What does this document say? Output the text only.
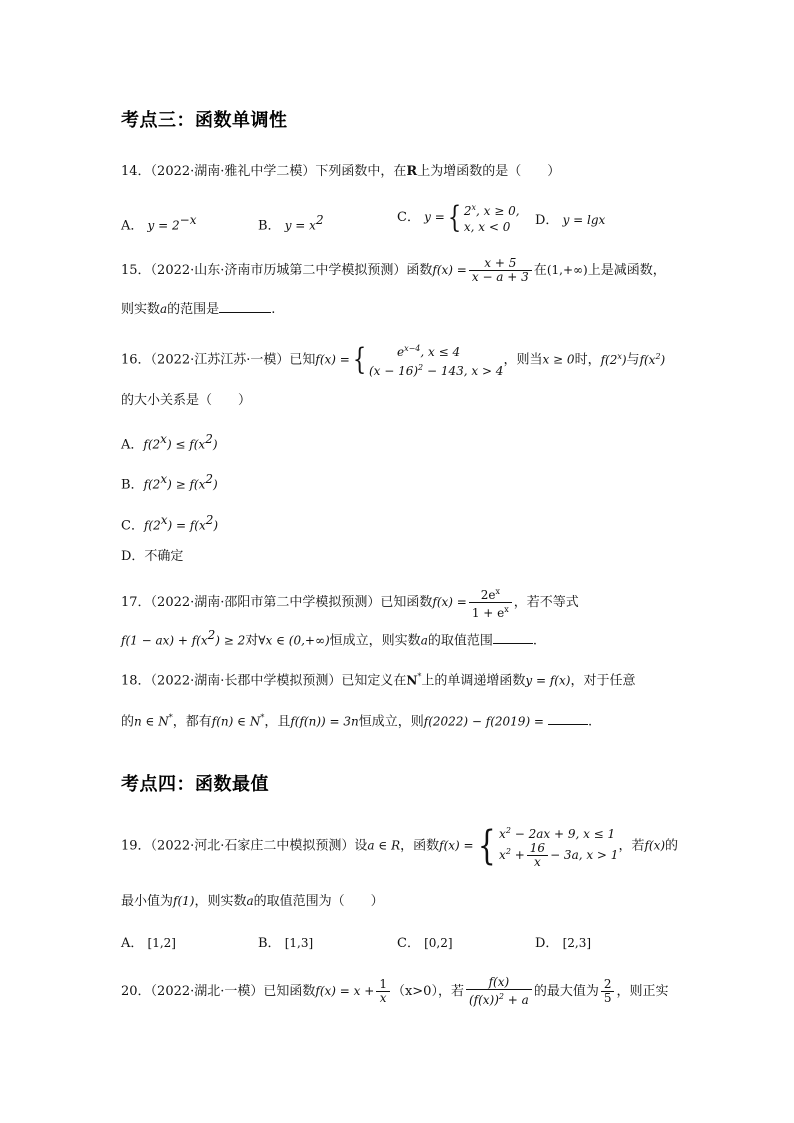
考点三：函数单调性
14．（2022·湖南·雅礼中学二模）下列函数中，在R上为增函数的是（　　）
A． $y = 2^{-x}$	B． $y = x^2$	C． y ={ 2$^x$, x ≥ 0,
x, x < 0	D． y = lgx
15．（2022·山东·济南市历城第二中学模拟预测）函数$f(x) = \frac{x + 5}{x - a + 3}$ 在(1,+∞)上是减函数，
则实数a的范围是	.
16．（2022·江苏江苏·一模）已知f(x) ={	$e^{x-4}$, x ≤ 4
$(x - 16)^2 - 143$, x > 4
，则当x ≥ 0时，f(2$^x$)与$f(x^2)$
的大小关系是（　　）
A．$f(2^x) \le f(x^2)$
B．$f(2^x) \ge f(x^2)$
C．$f(2^x) = f(x^2)$
D．不确定
17．（2022·湖南·邵阳市第二中学模拟预测）已知函数$f(x) = \frac{2e^x}{1 + e^x}$ ，若不等式
$f(1 - ax) + f(x^2) \ge 2$对∀x ∈ (0,+∞)恒成立，则实数a的取值范围	.
18．（2022·湖南·长郡中学模拟预测）已知定义在N*上的单调递增函数y = f(x)，对于任意
的n ∈ N*，都有f(n) ∈ N*，且f(f(n)) = 3n恒成立，则f(2022) − f(2019) =	.
考点四：函数最值
19．（2022·河北·石家庄二中模拟预测）设a ∈ R，函数f(x) ={ $x^2 - 2ax + 9$, x ≤ 1
$x^2 + \frac{16}{x} - 3a$, x > 1
，若f(x)的
最小值为f(1)，则实数a的取值范围为（　　）
A． [1,2]	B． [1,3]	C． [0,2]	D． [2,3]
20．（2022·湖北·一模）已知函数$f(x) = x + \frac{1}{x} (x>0)$，若 $\frac{f(x)}{(f(x))^2 + a}$ 的最大值为 $\frac{2}{5}$ ，则正实
